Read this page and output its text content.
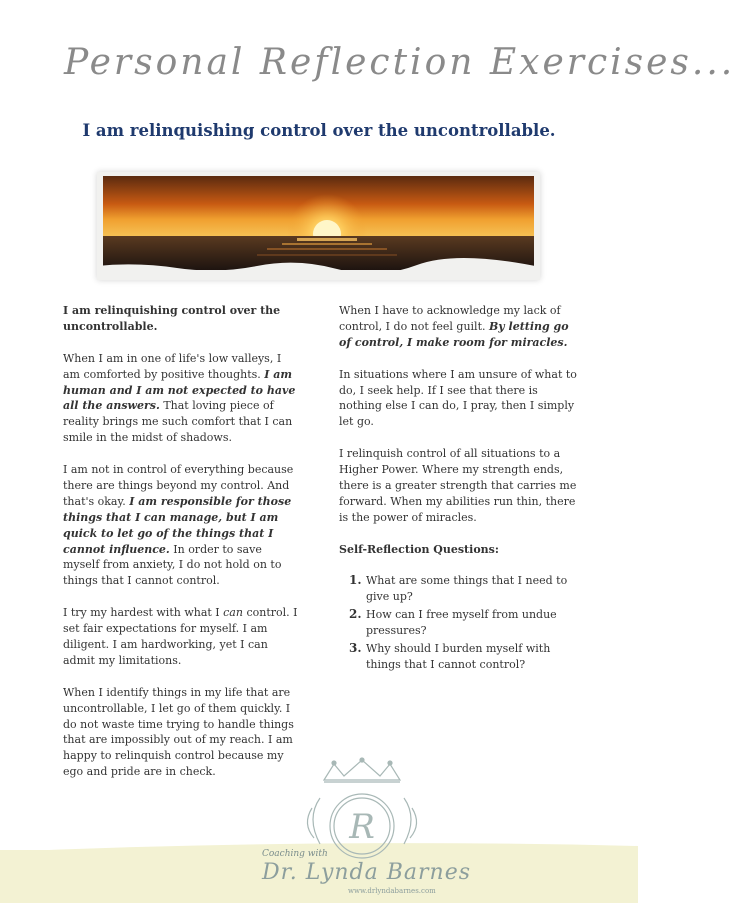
Personal Reflection Exercises...
I am relinquishing control over the uncontrollable.

I am relinquishing control over the uncontrollable.

When I am in one of life's low valleys, I am comforted by positive thoughts. I am human and I am not expected to have all the answers. That loving piece of reality brings me such comfort that I can smile in the midst of shadows.

I am not in control of everything because there are things beyond my control. And that's okay. I am responsible for those things that I can manage, but I am quick to let go of the things that I cannot influence. In order to save myself from anxiety, I do not hold on to things that I cannot control.

I try my hardest with what I can control. I set fair expectations for myself. I am diligent. I am hardworking, yet I can admit my limitations.

When I identify things in my life that are uncontrollable, I let go of them quickly. I do not waste time trying to handle things that are impossibly out of my reach. I am happy to relinquish control because my ego and pride are in check.

When I have to acknowledge my lack of control, I do not feel guilt. By letting go of control, I make room for miracles.

In situations where I am unsure of what to do, I seek help. If I see that there is nothing else I can do, I pray, then I simply let go.

I relinquish control of all situations to a Higher Power. Where my strength ends, there is a greater strength that carries me forward. When my abilities run thin, there is the power of miracles.

Self-Reflection Questions:

1. What are some things that I need to give up?
2. How can I free myself from undue pressures?
3. Why should I burden myself with things that I cannot control?
R
Coaching with
Dr. Lynda Barnes
www.drlyndabarnes.com
